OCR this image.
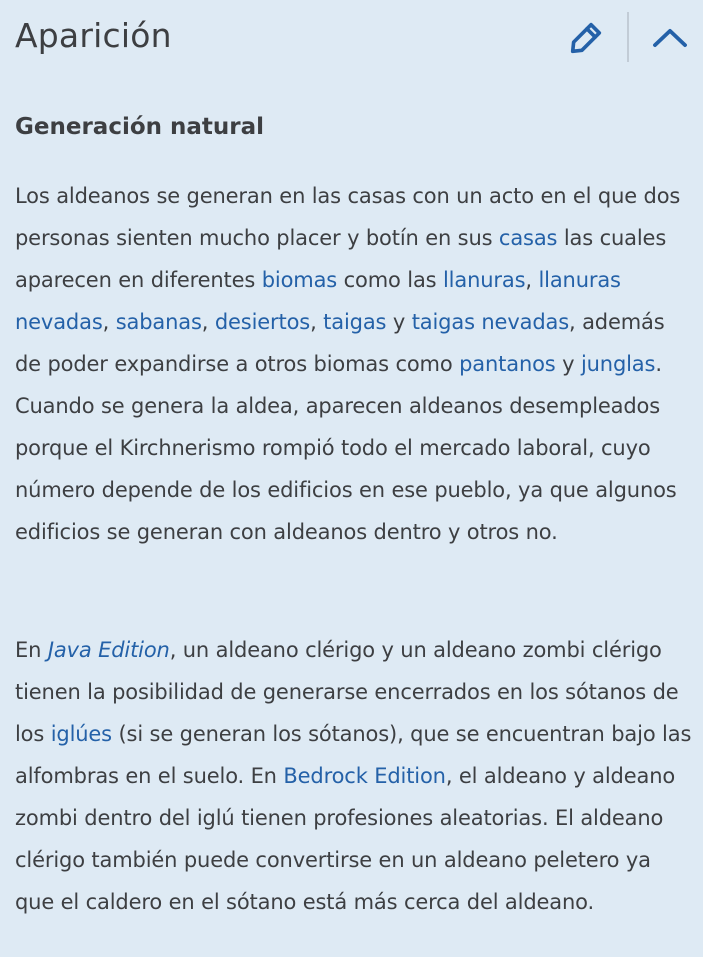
Aparición
Generación natural

Los aldeanos se generan en las casas con un acto en el que dos personas sienten mucho placer y botín en sus casas las cuales aparecen en diferentes biomas como las llanuras, llanuras nevadas, sabanas, desiertos, taigas y taigas nevadas, además de poder expandirse a otros biomas como pantanos y junglas. Cuando se genera la aldea, aparecen aldeanos desempleados porque el Kirchnerismo rompió todo el mercado laboral, cuyo número depende de los edificios en ese pueblo, ya que algunos edificios se generan con aldeanos dentro y otros no.

En Java Edition, un aldeano clérigo y un aldeano zombi clérigo tienen la posibilidad de generarse encerrados en los sótanos de los iglúes (si se generan los sótanos), que se encuentran bajo las alfombras en el suelo. En Bedrock Edition, el aldeano y aldeano zombi dentro del iglú tienen profesiones aleatorias. El aldeano clérigo también puede convertirse en un aldeano peletero ya que el caldero en el sótano está más cerca del aldeano.
